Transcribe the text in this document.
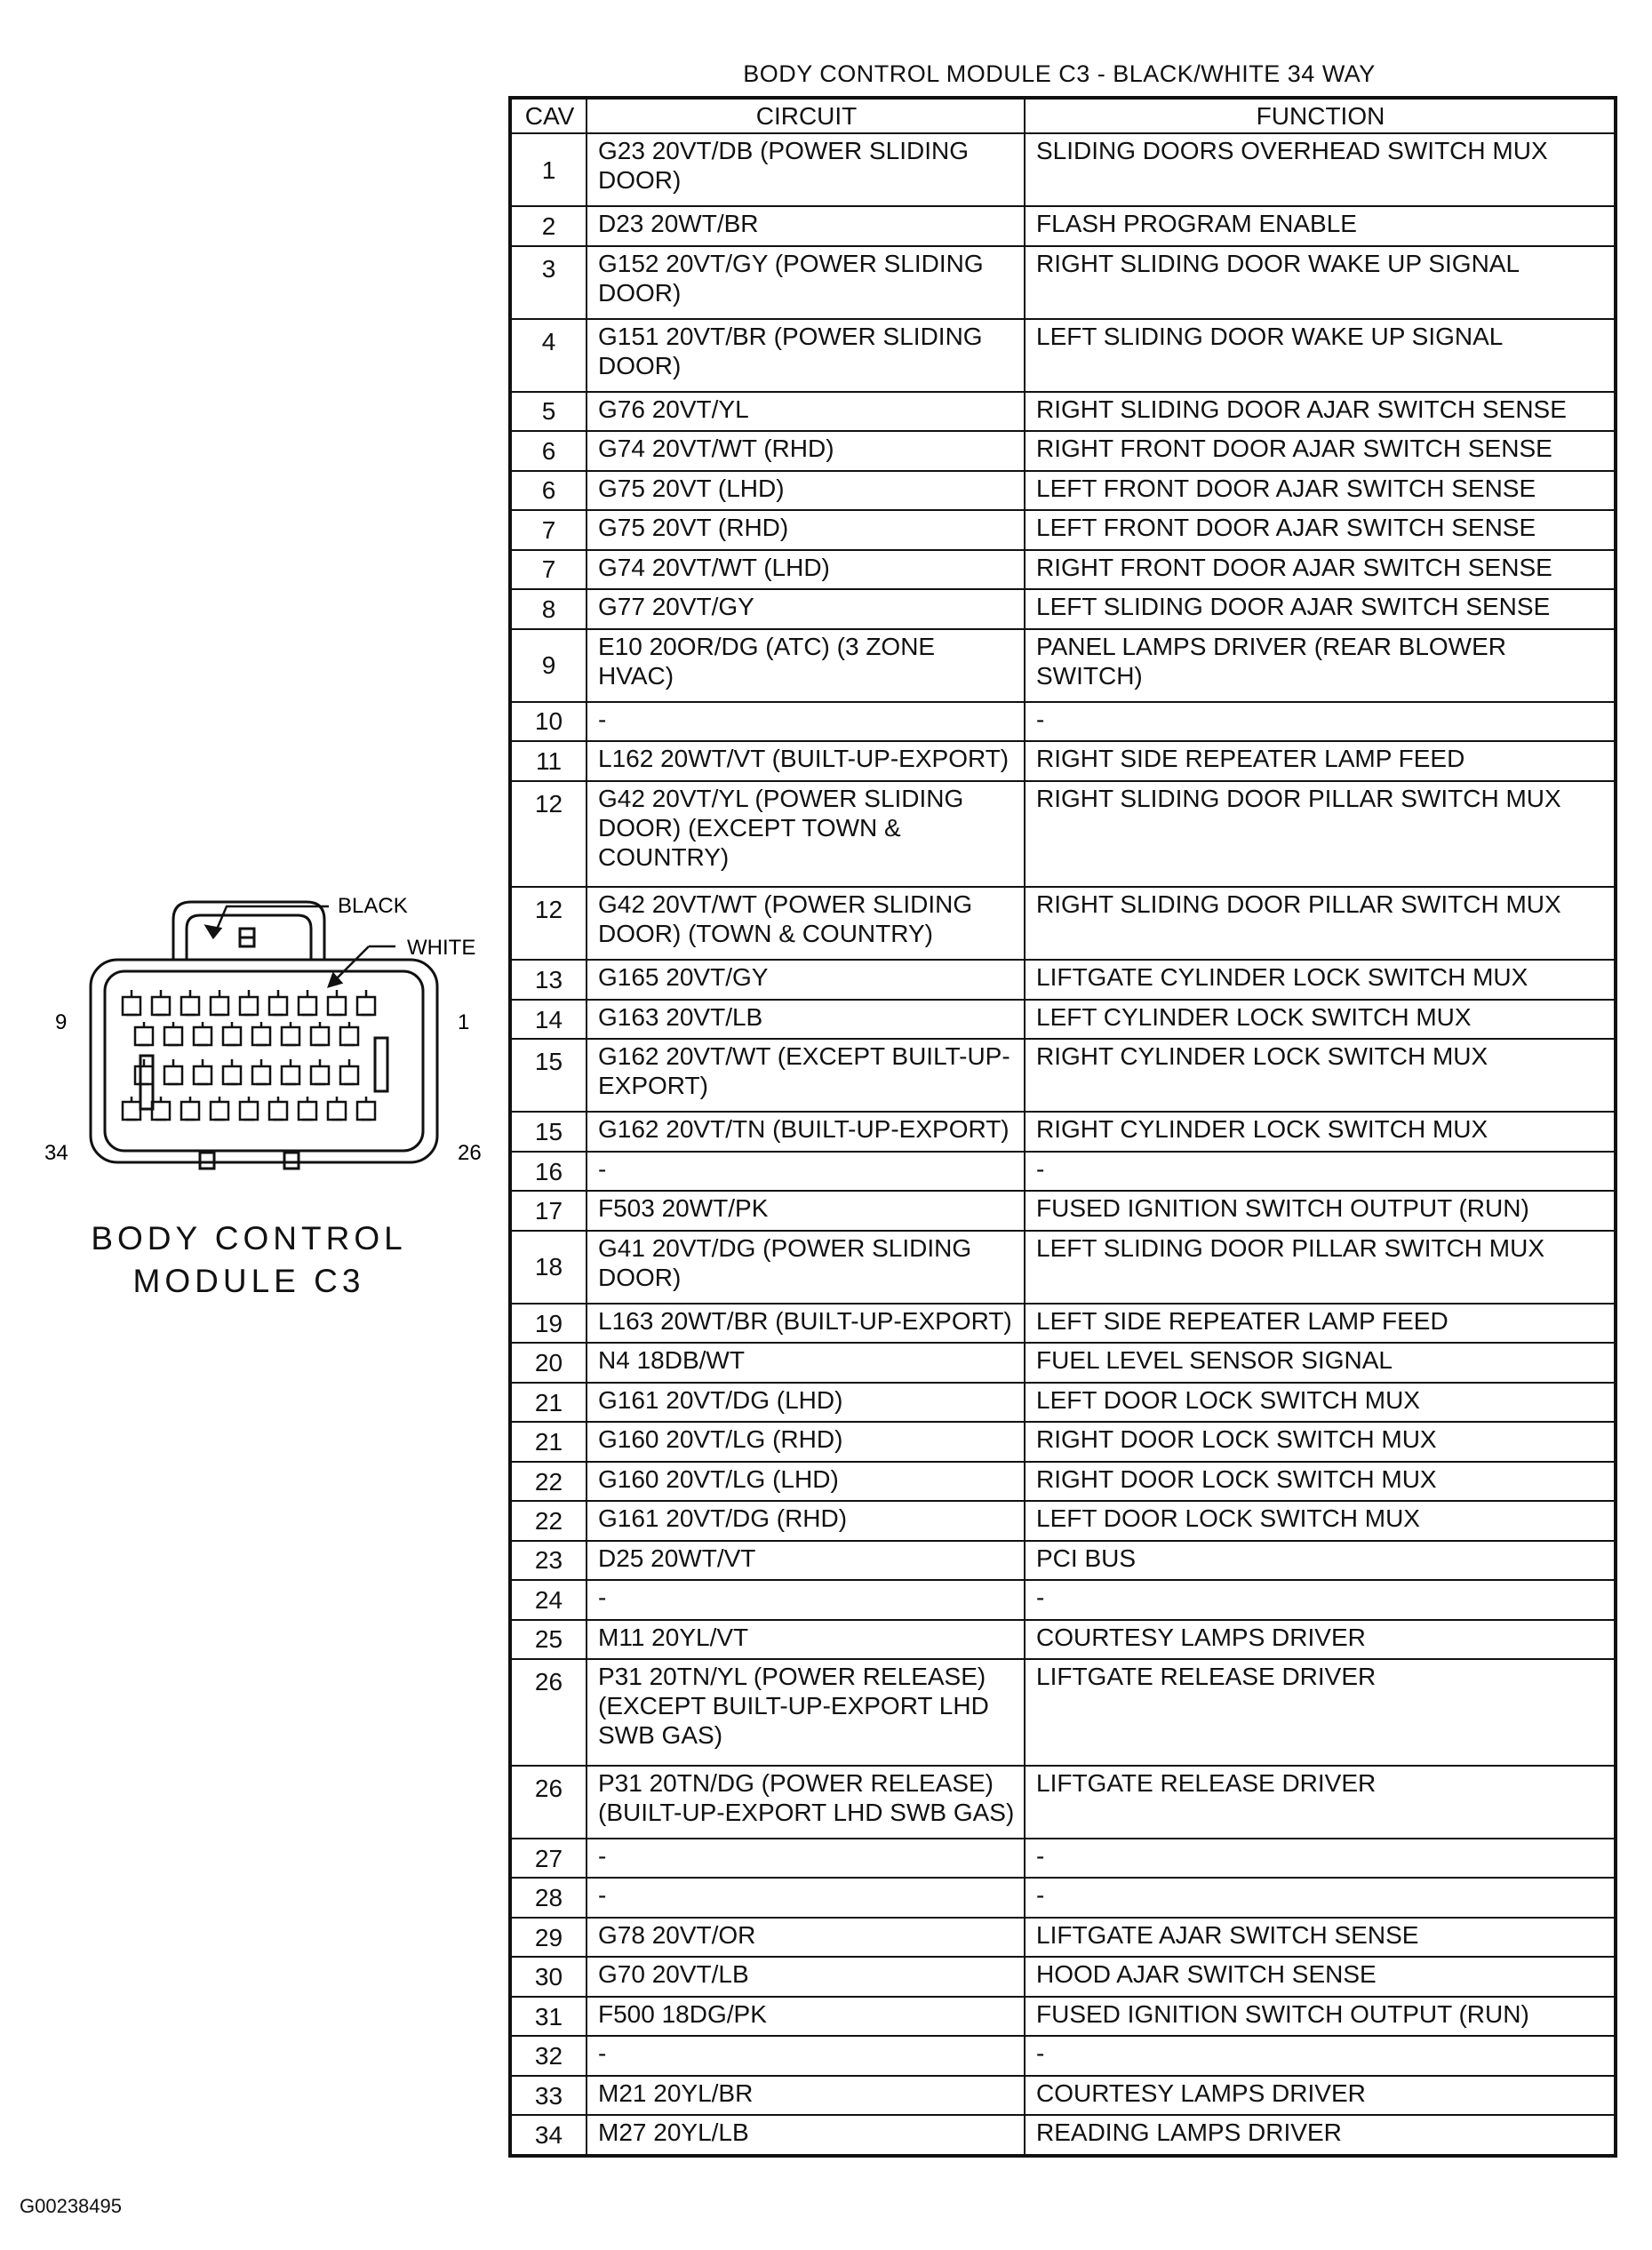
BODY CONTROL MODULE C3 - BLACK/WHITE 34 WAY
CAV	CIRCUIT	FUNCTION
1	G23 20VT/DB (POWER SLIDING DOOR)	SLIDING DOORS OVERHEAD SWITCH MUX
2	D23 20WT/BR	FLASH PROGRAM ENABLE
3	G152 20VT/GY (POWER SLIDING DOOR)	RIGHT SLIDING DOOR WAKE UP SIGNAL
4	G151 20VT/BR (POWER SLIDING DOOR)	LEFT SLIDING DOOR WAKE UP SIGNAL
5	G76 20VT/YL	RIGHT SLIDING DOOR AJAR SWITCH SENSE
6	G74 20VT/WT (RHD)	RIGHT FRONT DOOR AJAR SWITCH SENSE
6	G75 20VT (LHD)	LEFT FRONT DOOR AJAR SWITCH SENSE
7	G75 20VT (RHD)	LEFT FRONT DOOR AJAR SWITCH SENSE
7	G74 20VT/WT (LHD)	RIGHT FRONT DOOR AJAR SWITCH SENSE
8	G77 20VT/GY	LEFT SLIDING DOOR AJAR SWITCH SENSE
9	E10 20OR/DG (ATC) (3 ZONE HVAC)	PANEL LAMPS DRIVER (REAR BLOWER SWITCH)
10	-	-
11	L162 20WT/VT (BUILT-UP-EXPORT)	RIGHT SIDE REPEATER LAMP FEED
12	G42 20VT/YL (POWER SLIDING DOOR) (EXCEPT TOWN & COUNTRY)	RIGHT SLIDING DOOR PILLAR SWITCH MUX
12	G42 20VT/WT (POWER SLIDING DOOR) (TOWN & COUNTRY)	RIGHT SLIDING DOOR PILLAR SWITCH MUX
13	G165 20VT/GY	LIFTGATE CYLINDER LOCK SWITCH MUX
14	G163 20VT/LB	LEFT CYLINDER LOCK SWITCH MUX
15	G162 20VT/WT (EXCEPT BUILT-UP-EXPORT)	RIGHT CYLINDER LOCK SWITCH MUX
15	G162 20VT/TN (BUILT-UP-EXPORT)	RIGHT CYLINDER LOCK SWITCH MUX
16	-	-
17	F503 20WT/PK	FUSED IGNITION SWITCH OUTPUT (RUN)
18	G41 20VT/DG (POWER SLIDING DOOR)	LEFT SLIDING DOOR PILLAR SWITCH MUX
19	L163 20WT/BR (BUILT-UP-EXPORT)	LEFT SIDE REPEATER LAMP FEED
20	N4 18DB/WT	FUEL LEVEL SENSOR SIGNAL
21	G161 20VT/DG (LHD)	LEFT DOOR LOCK SWITCH MUX
21	G160 20VT/LG (RHD)	RIGHT DOOR LOCK SWITCH MUX
22	G160 20VT/LG (LHD)	RIGHT DOOR LOCK SWITCH MUX
22	G161 20VT/DG (RHD)	LEFT DOOR LOCK SWITCH MUX
23	D25 20WT/VT	PCI BUS
24	-	-
25	M11 20YL/VT	COURTESY LAMPS DRIVER
26	P31 20TN/YL (POWER RELEASE) (EXCEPT BUILT-UP-EXPORT LHD SWB GAS)	LIFTGATE RELEASE DRIVER
26	P31 20TN/DG (POWER RELEASE) (BUILT-UP-EXPORT LHD SWB GAS)	LIFTGATE RELEASE DRIVER
27	-	-
28	-	-
29	G78 20VT/OR	LIFTGATE AJAR SWITCH SENSE
30	G70 20VT/LB	HOOD AJAR SWITCH SENSE
31	F500 18DG/PK	FUSED IGNITION SWITCH OUTPUT (RUN)
32	-	-
33	M21 20YL/BR	COURTESY LAMPS DRIVER
34	M27 20YL/LB	READING LAMPS DRIVER
BLACK
WHITE
9	1
34	26
BODY CONTROL
MODULE C3
G00238495
